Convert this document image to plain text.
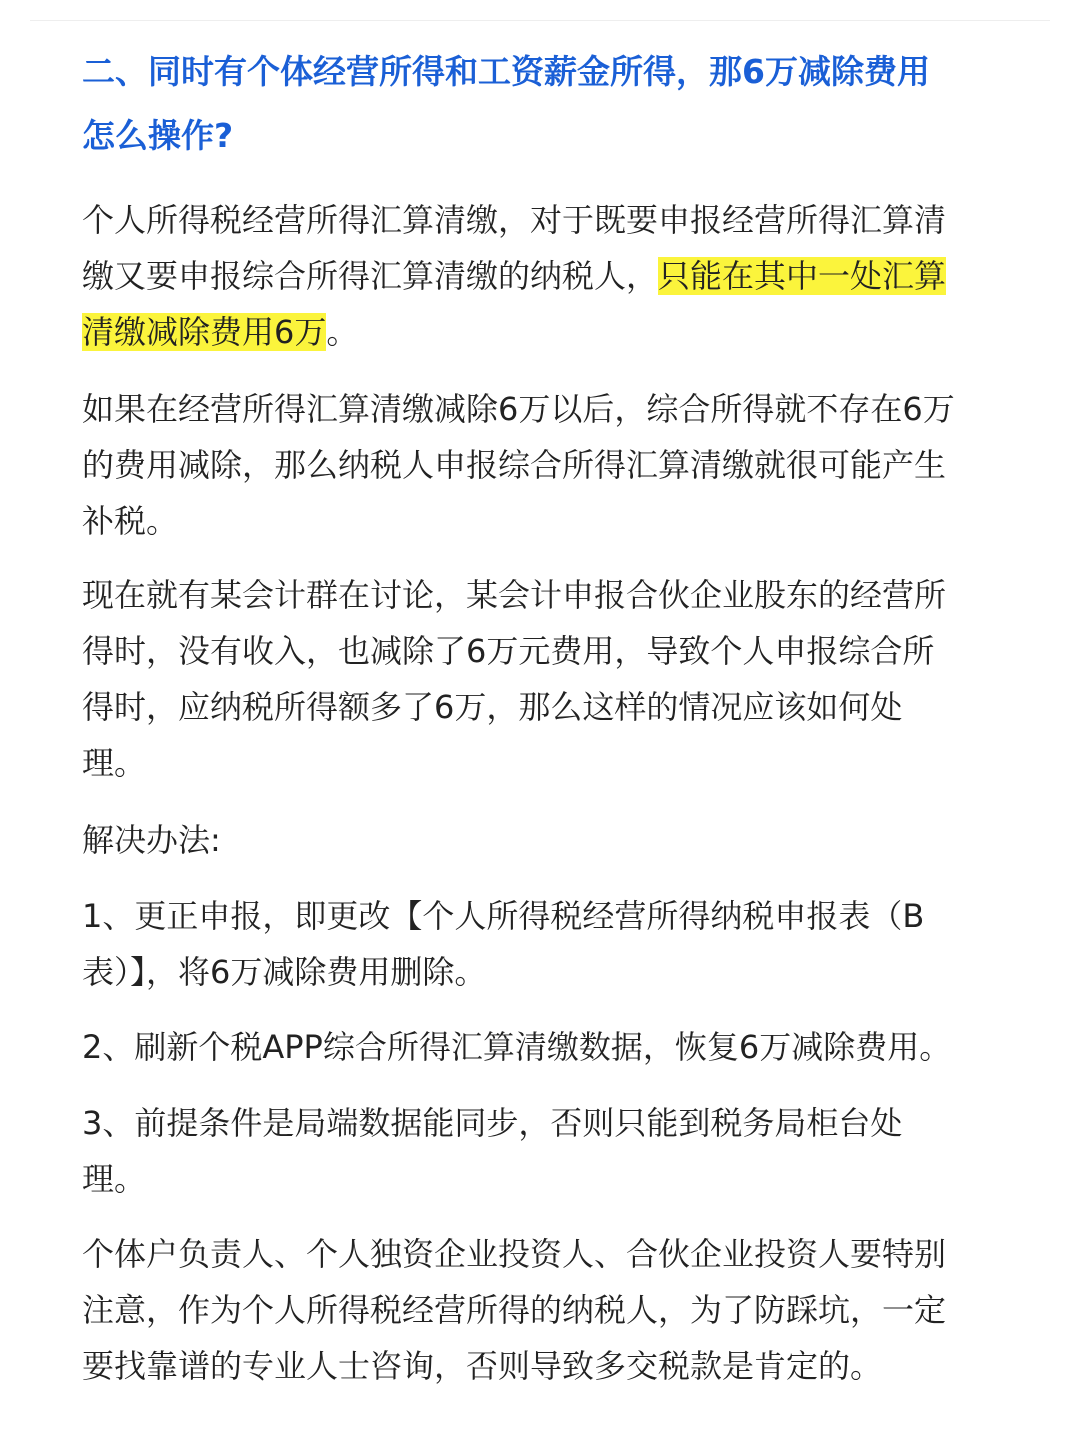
二、同时有个体经营所得和工资薪金所得，那6万减除费用
怎么操作?

个人所得税经营所得汇算清缴，对于既要申报经营所得汇算清
缴又要申报综合所得汇算清缴的纳税人，只能在其中一处汇算
清缴减除费用6万。

如果在经营所得汇算清缴减除6万以后，综合所得就不存在6万
的费用减除，那么纳税人申报综合所得汇算清缴就很可能产生
补税。

现在就有某会计群在讨论，某会计申报合伙企业股东的经营所
得时，没有收入，也减除了6万元费用，导致个人申报综合所
得时，应纳税所得额多了6万，那么这样的情况应该如何处
理。

解决办法:

1、更正申报，即更改【个人所得税经营所得纳税申报表（B
表）】，将6万减除费用删除。

2、刷新个税APP综合所得汇算清缴数据，恢复6万减除费用。

3、前提条件是局端数据能同步，否则只能到税务局柜台处
理。

个体户负责人、个人独资企业投资人、合伙企业投资人要特别
注意，作为个人所得税经营所得的纳税人，为了防踩坑，一定
要找靠谱的专业人士咨询，否则导致多交税款是肯定的。
